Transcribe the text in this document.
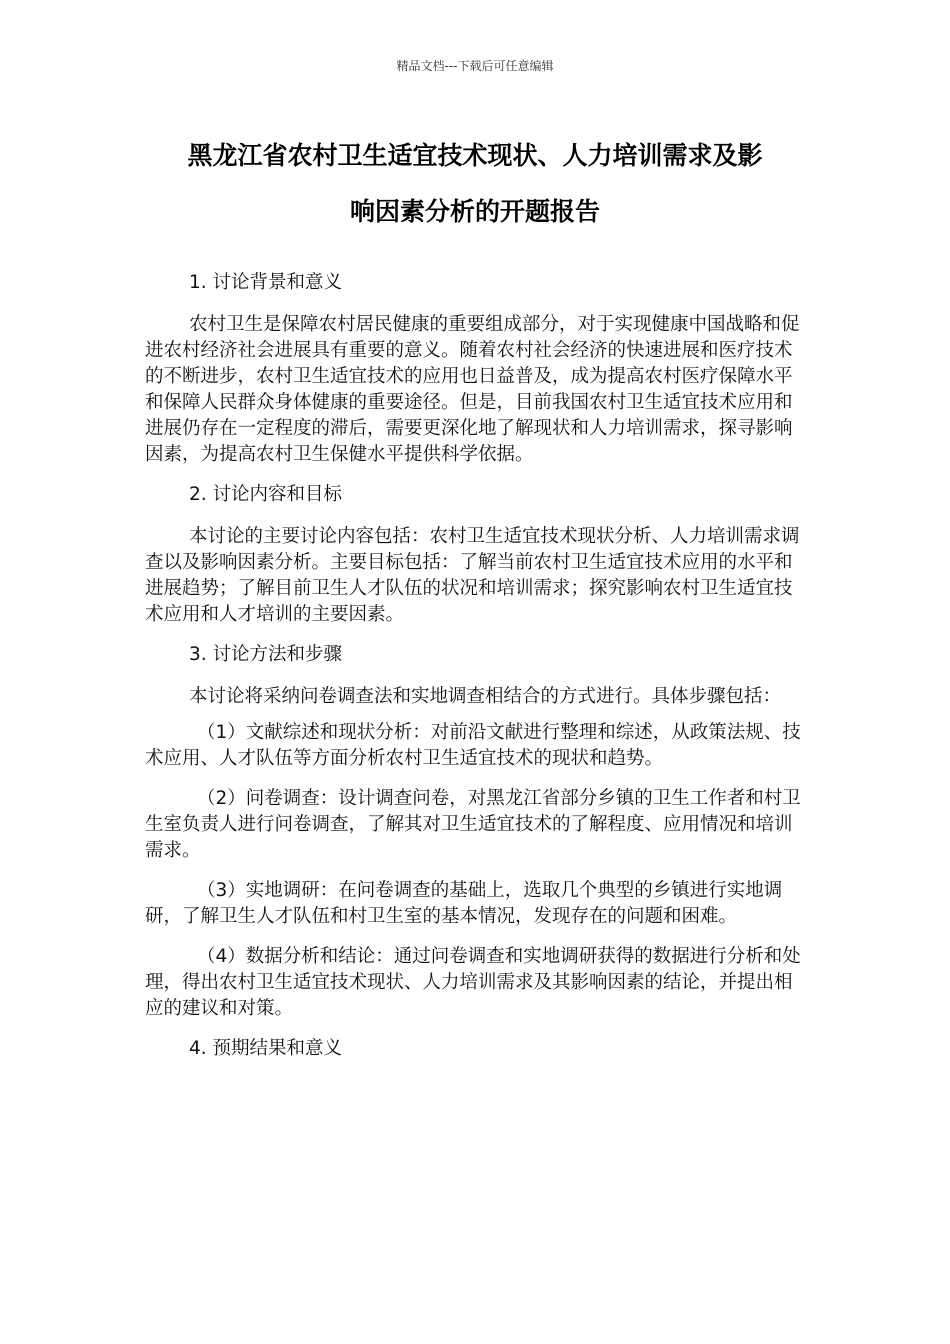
精品文档---下载后可任意编辑
黑龙江省农村卫生适宜技术现状、人力培训需求及影
响因素分析的开题报告

1. 讨论背景和意义

农村卫生是保障农村居民健康的重要组成部分，对于实现健康中国战略和促进农村经济社会进展具有重要的意义。随着农村社会经济的快速进展和医疗技术的不断进步，农村卫生适宜技术的应用也日益普及，成为提高农村医疗保障水平和保障人民群众身体健康的重要途径。但是，目前我国农村卫生适宜技术应用和进展仍存在一定程度的滞后，需要更深化地了解现状和人力培训需求，探寻影响因素，为提高农村卫生保健水平提供科学依据。

2. 讨论内容和目标

本讨论的主要讨论内容包括：农村卫生适宜技术现状分析、人力培训需求调查以及影响因素分析。主要目标包括：了解当前农村卫生适宜技术应用的水平和进展趋势；了解目前卫生人才队伍的状况和培训需求；探究影响农村卫生适宜技术应用和人才培训的主要因素。

3. 讨论方法和步骤

本讨论将采纳问卷调查法和实地调查相结合的方式进行。具体步骤包括：

（1）文献综述和现状分析：对前沿文献进行整理和综述，从政策法规、技术应用、人才队伍等方面分析农村卫生适宜技术的现状和趋势。

（2）问卷调查：设计调查问卷，对黑龙江省部分乡镇的卫生工作者和村卫生室负责人进行问卷调查，了解其对卫生适宜技术的了解程度、应用情况和培训需求。

（3）实地调研：在问卷调查的基础上，选取几个典型的乡镇进行实地调研，了解卫生人才队伍和村卫生室的基本情况，发现存在的问题和困难。

（4）数据分析和结论：通过问卷调查和实地调研获得的数据进行分析和处理，得出农村卫生适宜技术现状、人力培训需求及其影响因素的结论，并提出相应的建议和对策。

4. 预期结果和意义
